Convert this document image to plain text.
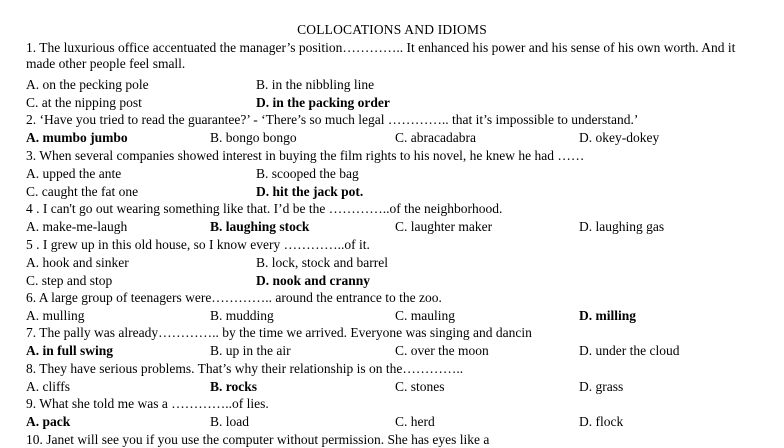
COLLOCATIONS AND IDIOMS
1. The luxurious office accentuated the manager’s position………….. It enhanced his power and his sense of his own worth. And it made other people feel small.
A. on the pecking pole	B. in the nibbling line
C. at the nipping post	D. in the packing order
2. ‘Have you tried to read the guarantee?’ - ‘There’s so much legal ………….. that it’s impossible to understand.’
A. mumbo jumbo	B. bongo bongo	C. abracadabra	D. okey-dokey
3. When several companies showed interest in buying the film rights to his novel, he knew he had ……
A. upped the ante	B. scooped the bag
C. caught the fat one	D. hit the jack pot.
4 . I can't go out wearing something like that. I’d be the …………..of the neighborhood.
A. make-me-laugh	B. laughing stock	C. laughter maker	D. laughing gas
5 . I grew up in this old house, so I know every …………..of it.
A. hook and sinker	B. lock, stock and barrel
C. step and stop	D. nook and cranny
6. A large group of teenagers were………….. around the entrance to the zoo.
A. mulling	B. mudding	C. mauling	D. milling
7. The pally was already………….. by the time we arrived. Everyone was singing and dancin
A. in full swing	B. up in the air	C. over the moon	D. under the cloud
8. They have serious problems. That’s why their relationship is on the…………..
A. cliffs	B. rocks	C. stones	D. grass
9. What she told me was a …………..of lies.
A. pack	B. load	C. herd	D. flock
10. Janet will see you if you use the computer without permission. She has eyes like a
